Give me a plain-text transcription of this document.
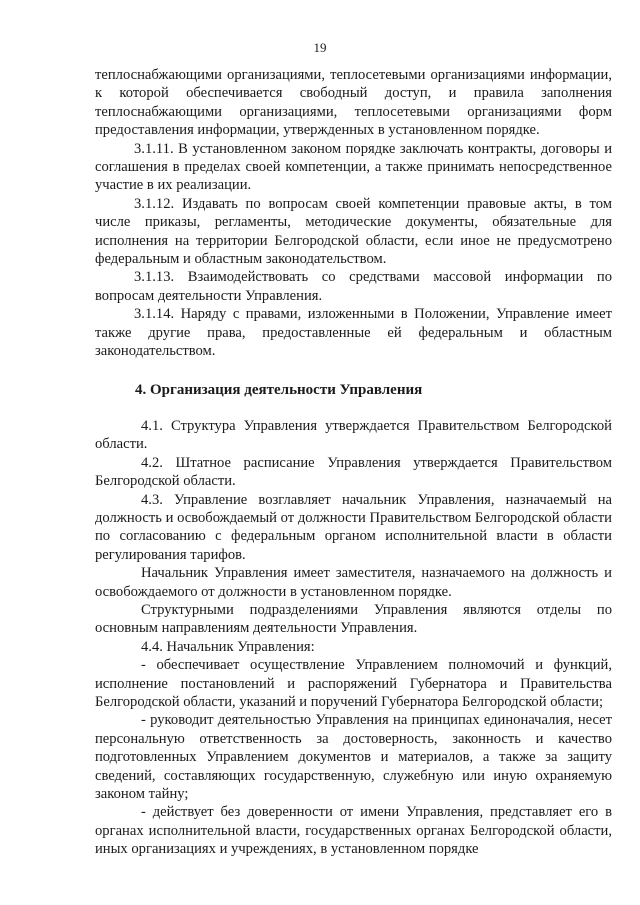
19

теплоснабжающими организациями, теплосетевыми организациями информации, к которой обеспечивается свободный доступ, и правила заполнения теплоснабжающими организациями, теплосетевыми организациями форм предоставления информации, утвержденных в установленном порядке.

3.1.11. В установленном законом порядке заключать контракты, договоры и соглашения в пределах своей компетенции, а также принимать непосредственное участие в их реализации.

3.1.12. Издавать по вопросам своей компетенции правовые акты, в том числе приказы, регламенты, методические документы, обязательные для исполнения на территории Белгородской области, если иное не предусмотрено федеральным и областным законодательством.

3.1.13. Взаимодействовать со средствами массовой информации по вопросам деятельности Управления.

3.1.14. Наряду с правами, изложенными в Положении, Управление имеет также другие права, предоставленные ей федеральным и областным законодательством.

4. Организация деятельности Управления

4.1. Структура Управления утверждается Правительством Белгородской области.

4.2. Штатное расписание Управления утверждается Правительством Белгородской области.

4.3. Управление возглавляет начальник Управления, назначаемый на должность и освобождаемый от должности Правительством Белгородской области по согласованию с федеральным органом исполнительной власти в области регулирования тарифов.

Начальник Управления имеет заместителя, назначаемого на должность и освобождаемого от должности в установленном порядке.

Структурными подразделениями Управления являются отделы по основным направлениям деятельности Управления.

4.4. Начальник Управления:

- обеспечивает осуществление Управлением полномочий и функций, исполнение постановлений и распоряжений Губернатора и Правительства Белгородской области, указаний и поручений Губернатора Белгородской области;

- руководит деятельностью Управления на принципах единоначалия, несет персональную ответственность за достоверность, законность и качество подготовленных Управлением документов и материалов, а также за защиту сведений, составляющих государственную, служебную или иную охраняемую законом тайну;

- действует без доверенности от имени Управления, представляет его в органах исполнительной власти, государственных органах Белгородской области, иных организациях и учреждениях, в установленном порядке
